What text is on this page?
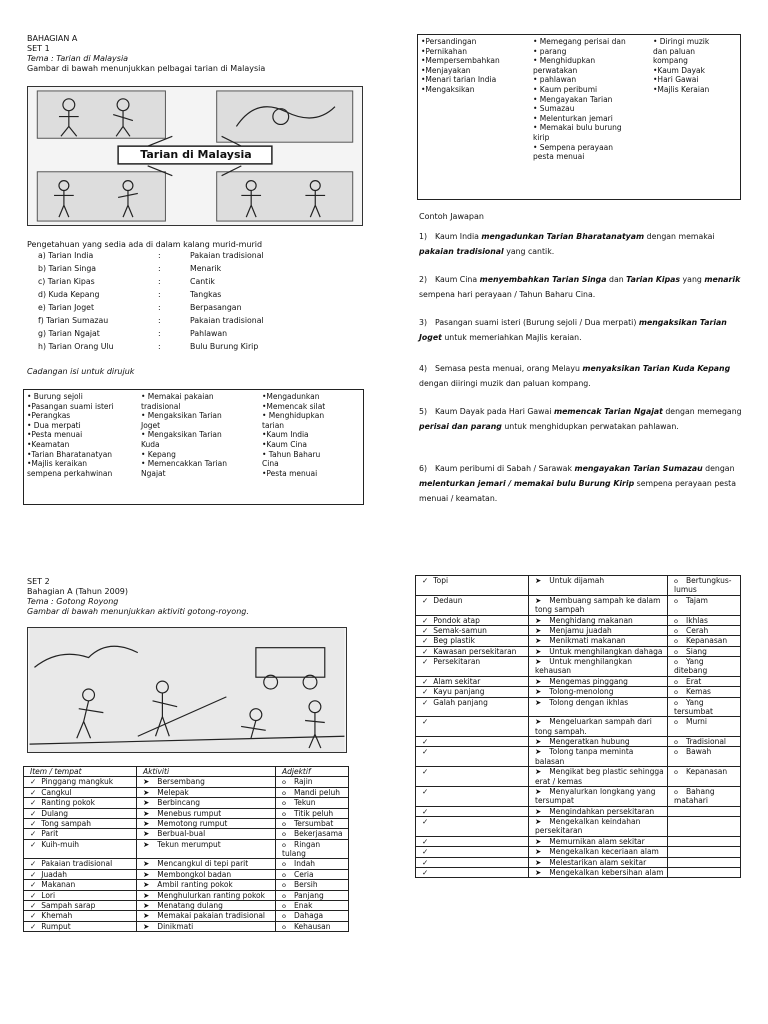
BAHAGIAN A
SET 1
Tema : Tarian di Malaysia
Gambar di bawah menunjukkan pelbagai tarian di Malaysia
Tarian di Malaysia
Pengetahuan yang sedia ada di dalam kalang murid-murid
a) Tarian India	:	Pakaian tradisional
b) Tarian Singa	:	Menarik
c) Tarian Kipas	:	Cantik
d) Kuda Kepang	:	Tangkas
e) Tarian Joget	:	Berpasangan
f) Tarian Sumazau	:	Pakaian tradisional
g) Tarian Ngajat	:	Pahlawan
h) Tarian Orang Ulu	:	Bulu Burung Kirip
Cadangan isi untuk dirujuk
• Burung sejoli
•Pasangan suami isteri
•Perangkas
• Dua merpati
•Pesta menuai
•Keamatan
•Tarian Bharatanatyan
•Majlis keraikan
sempena perkahwinan
• Memakai pakaian
tradisional
• Mengaksikan Tarian
Joget
• Mengaksikan Tarian
Kuda
• Kepang
• Memencakkan Tarian
Ngajat
•Mengadunkan
•Memencak silat
• Menghidupkan
tarian
•Kaum India
•Kaum Cina
• Tahun Baharu
Cina
•Pesta menuai
•Persandingan
•Pernikahan
•Mempersembahkan
•Menjayakan
•Menari tarian India
•Mengaksikan
• Memegang perisai dan
• parang
• Menghidupkan
perwatakan
• pahlawan
• Kaum peribumi
• Mengayakan Tarian
• Sumazau
• Melenturkan jemari
• Memakai bulu burung
kirip
• Sempena perayaan
pesta menuai
• Diringi muzik
dan paluan
kompang
•Kaum Dayak
•Hari Gawai
•Majlis Keraian
Contoh Jawapan
1) Kaum India mengadunkan Tarian Bharatanatyam dengan memakai pakaian tradisional yang cantik.
2) Kaum Cina menyembahkan Tarian Singa dan Tarian Kipas yang menarik sempena hari perayaan / Tahun Baharu Cina.
3) Pasangan suami isteri (Burung sejoli / Dua merpati) mengaksikan Tarian Joget untuk memeriahkan Majlis keraian.
4) Semasa pesta menuai, orang Melayu menyaksikan Tarian Kuda Kepang dengan diiringi muzik dan paluan kompang.
5) Kaum Dayak pada Hari Gawai memencak Tarian Ngajat dengan memegang perisai dan parang untuk menghidupkan perwatakan pahlawan.
6) Kaum peribumi di Sabah / Sarawak mengayakan Tarian Sumazau dengan melenturkan jemari / memakai bulu Burung Kirip sempena perayaan pesta menuai / keamatan.
SET 2
Bahagian A (Tahun 2009)
Tema : Gotong Royong
Gambar di bawah menunjukkan aktiviti gotong-royong.
Item / tempat	Aktiviti	Adjektif
✓ Pinggang mangkuk	➤ Bersembang	o Rajin
✓ Cangkul	➤ Melepak	o Mandi peluh
✓ Ranting pokok	➤ Berbincang	o Tekun
✓ Dulang	➤ Menebus rumput	o Titik peluh
✓ Tong sampah	➤ Memotong rumput	o Tersumbat
✓ Parit	➤ Berbual-bual	o Bekerjasama
✓ Kuih-muih	➤ Tekun merumput	o Ringan tulang
✓ Pakaian tradisional	➤ Mencangkul di tepi parit	o Indah
✓ Juadah	➤ Membongkol badan	o Ceria
✓ Makanan	➤ Ambil ranting pokok	o Bersih
✓ Lori	➤ Menghulurkan ranting pokok	o Panjang
✓ Sampah sarap	➤ Menatang dulang	o Enak
✓ Khemah	➤ Memakai pakaian tradisional	o Dahaga
✓ Rumput	➤ Dinikmati	o Kehausan
✓ Topi	➤ Untuk dijamah	o Bertungkus-lumus
✓ Dedaun	➤ Membuang sampah ke dalam tong sampah	o Tajam
✓ Pondok atap	➤ Menghidang makanan	o Ikhlas
✓ Semak-samun	➤ Menjamu juadah	o Cerah
✓ Beg plastik	➤ Menikmati makanan	o Kepanasan
✓ Kawasan persekitaran	➤ Untuk menghilangkan dahaga	o Siang
✓ Persekitaran	➤ Untuk menghilangkan kehausan	o Yang ditebang
✓ Alam sekitar	➤ Mengemas pinggang	o Erat
✓ Kayu panjang	➤ Tolong-menolong	o Kemas
✓ Galah panjang	➤ Tolong dengan ikhlas	o Yang tersumbat
✓	➤ Mengeluarkan sampah dari tong sampah.	o Murni
✓	➤ Mengeratkan hubung	o Tradisional
✓	➤ Tolong tanpa meminta balasan	o Bawah
✓	➤ Mengikat beg plastic sehingga erat / kemas	o Kepanasan
✓	➤ Menyalurkan longkang yang tersumpat	o Bahang matahari
✓	➤ Mengindahkan persekitaran	
✓	➤ Mengekalkan keindahan persekitaran	
✓	➤ Memurnikan alam sekitar	
✓	➤ Mengekalkan keceriaan alam	
✓	➤ Melestarikan alam sekitar	
✓	➤ Mengekalkan kebersihan alam	
